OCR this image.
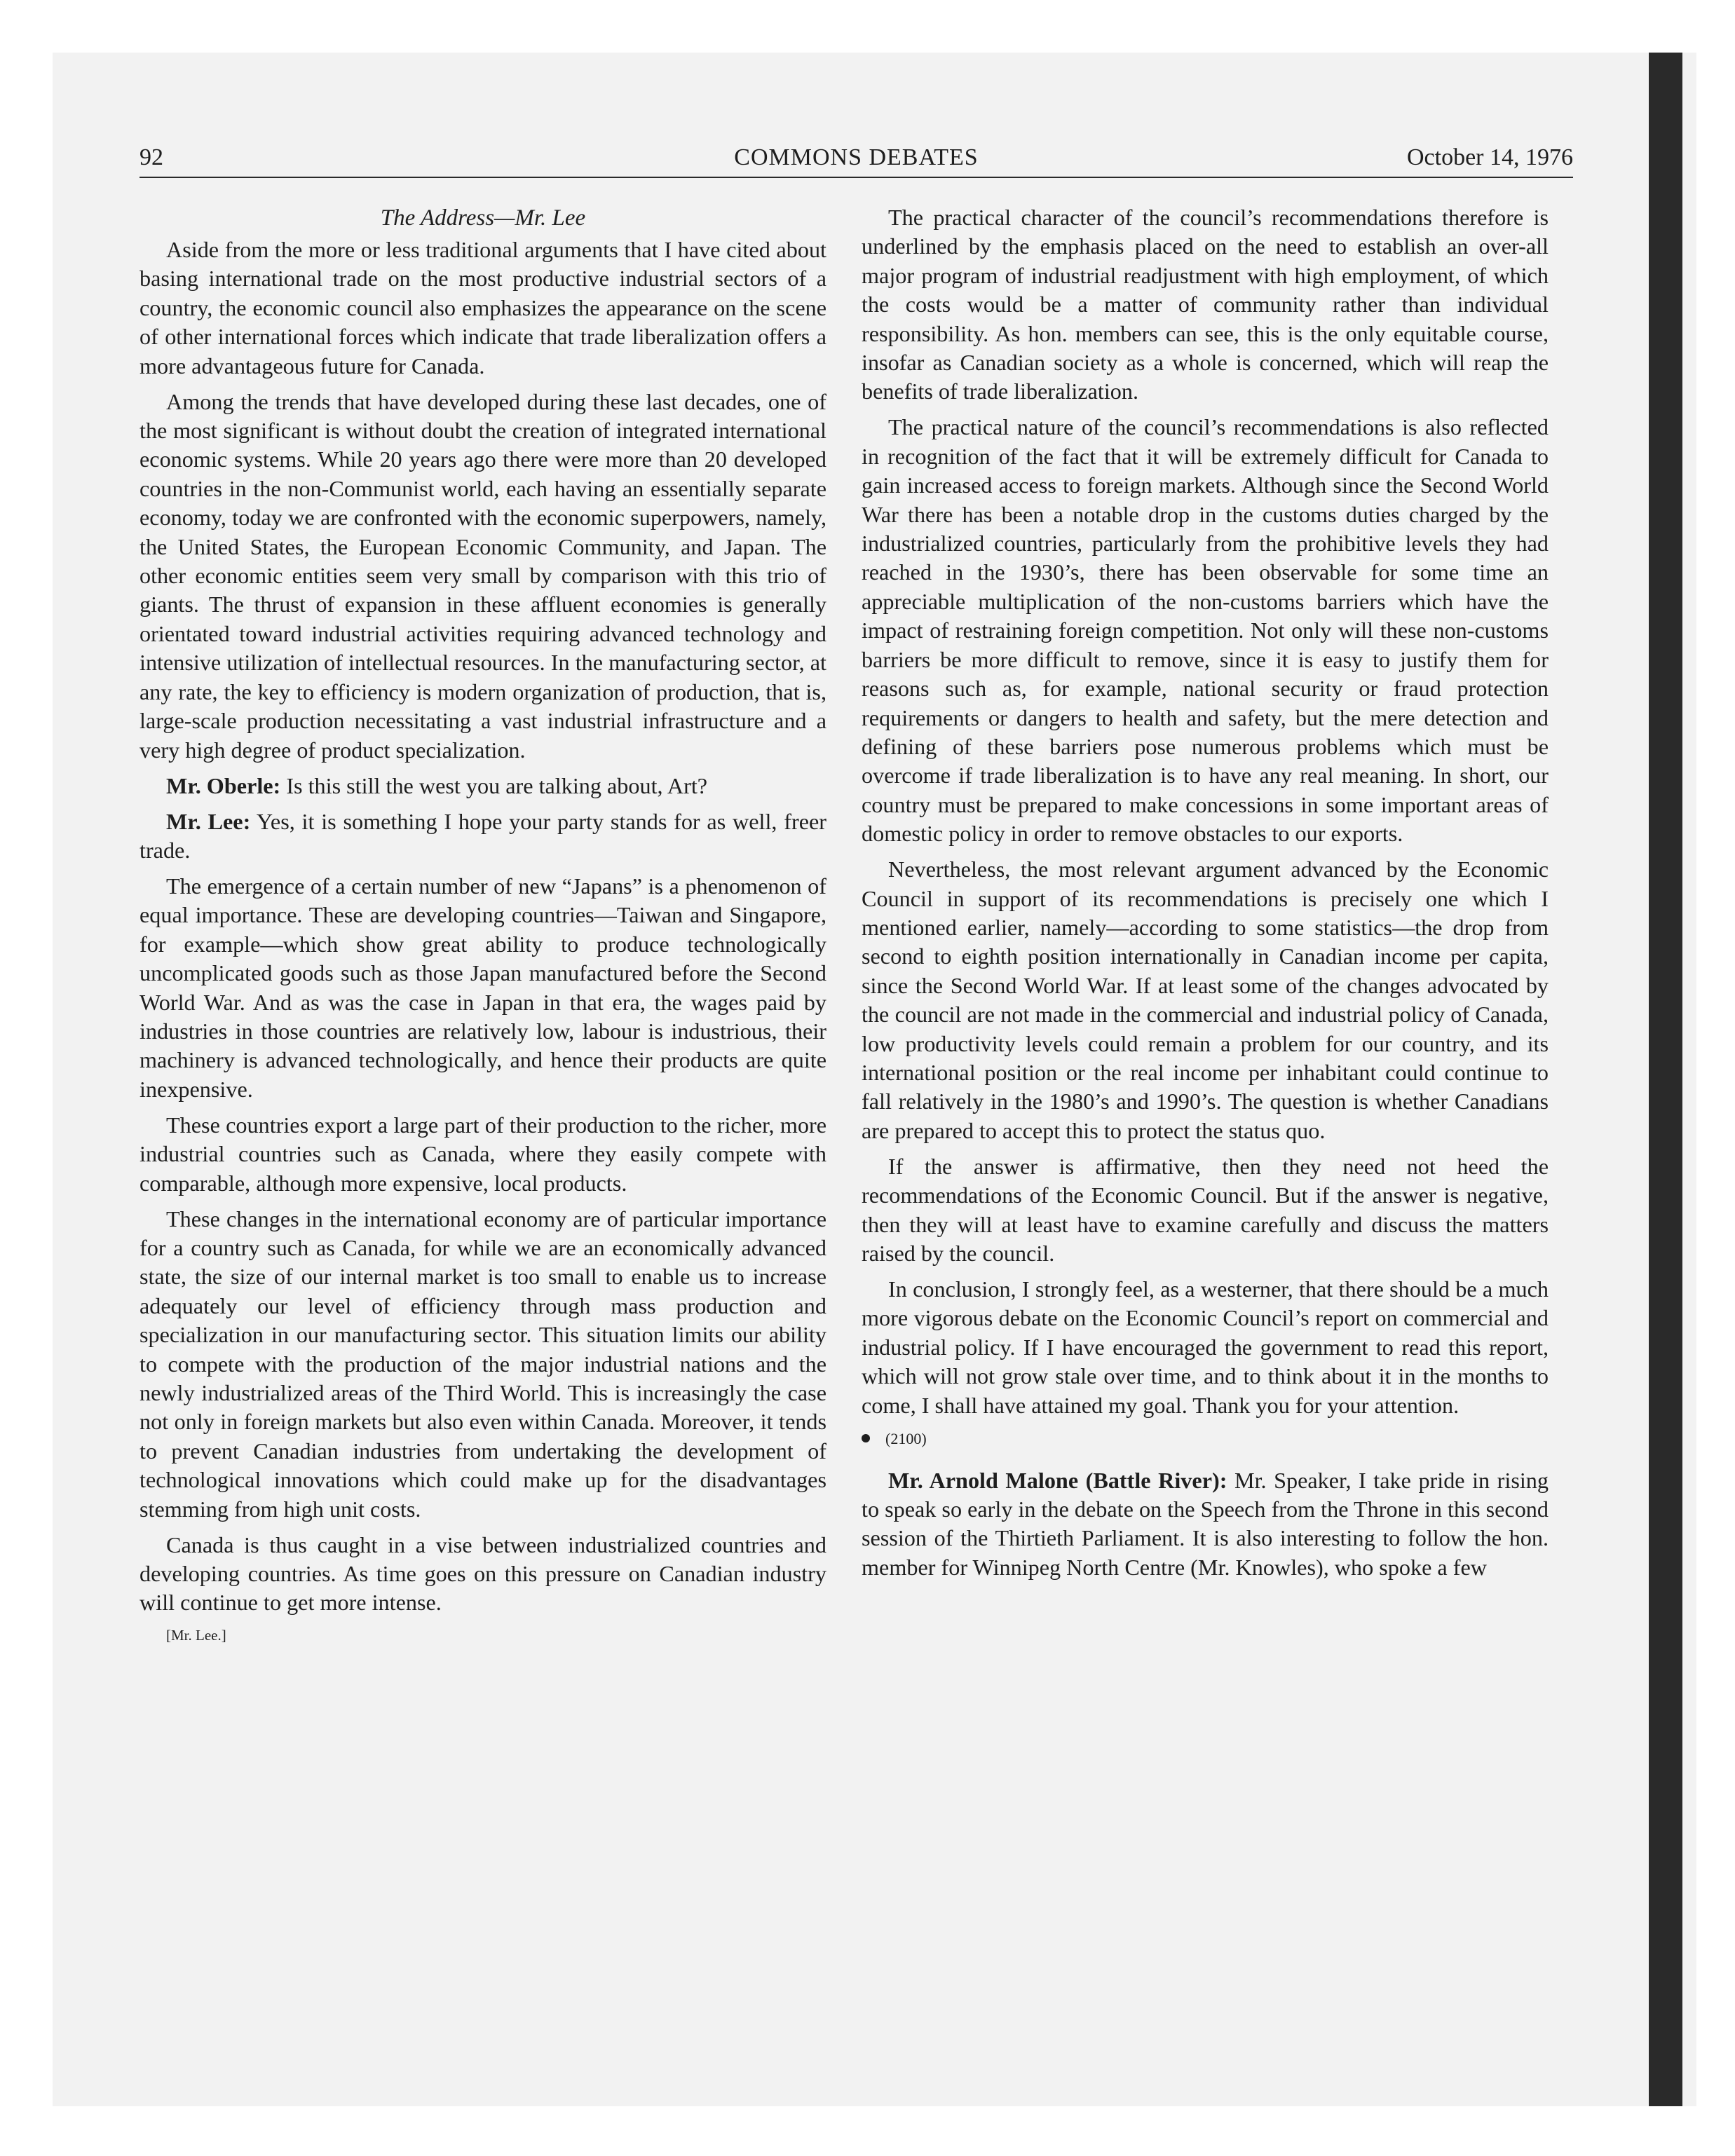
92	COMMONS DEBATES	October 14, 1976
The Address—Mr. Lee

Aside from the more or less traditional arguments that I have cited about basing international trade on the most productive industrial sectors of a country, the economic council also emphasizes the appearance on the scene of other international forces which indicate that trade liberalization offers a more advantageous future for Canada.

Among the trends that have developed during these last decades, one of the most significant is without doubt the creation of integrated international economic systems. While 20 years ago there were more than 20 developed countries in the non-Communist world, each having an essentially separate economy, today we are confronted with the economic superpowers, namely, the United States, the European Economic Community, and Japan. The other economic entities seem very small by comparison with this trio of giants. The thrust of expansion in these affluent economies is generally orientated toward industrial activities requiring advanced technology and intensive utilization of intellectual resources. In the manufacturing sector, at any rate, the key to efficiency is modern organization of production, that is, large-scale production necessitating a vast industrial infrastructure and a very high degree of product specialization.

Mr. Oberle: Is this still the west you are talking about, Art?

Mr. Lee: Yes, it is something I hope your party stands for as well, freer trade.

The emergence of a certain number of new “Japans” is a phenomenon of equal importance. These are developing countries—Taiwan and Singapore, for example—which show great ability to produce technologically uncomplicated goods such as those Japan manufactured before the Second World War. And as was the case in Japan in that era, the wages paid by industries in those countries are relatively low, labour is industrious, their machinery is advanced technologically, and hence their products are quite inexpensive.

These countries export a large part of their production to the richer, more industrial countries such as Canada, where they easily compete with comparable, although more expensive, local products.

These changes in the international economy are of particular importance for a country such as Canada, for while we are an economically advanced state, the size of our internal market is too small to enable us to increase adequately our level of efficiency through mass production and specialization in our manufacturing sector. This situation limits our ability to compete with the production of the major industrial nations and the newly industrialized areas of the Third World. This is increasingly the case not only in foreign markets but also even within Canada. Moreover, it tends to prevent Canadian industries from undertaking the development of technological innovations which could make up for the disadvantages stemming from high unit costs.

Canada is thus caught in a vise between industrialized countries and developing countries. As time goes on this pressure on Canadian industry will continue to get more intense.

[Mr. Lee.]

The practical character of the council’s recommendations therefore is underlined by the emphasis placed on the need to establish an over-all major program of industrial readjustment with high employment, of which the costs would be a matter of community rather than individual responsibility. As hon. members can see, this is the only equitable course, insofar as Canadian society as a whole is concerned, which will reap the benefits of trade liberalization.

The practical nature of the council’s recommendations is also reflected in recognition of the fact that it will be extremely difficult for Canada to gain increased access to foreign markets. Although since the Second World War there has been a notable drop in the customs duties charged by the industrialized countries, particularly from the prohibitive levels they had reached in the 1930’s, there has been observable for some time an appreciable multiplication of the non-customs barriers which have the impact of restraining foreign competition. Not only will these non-customs barriers be more difficult to remove, since it is easy to justify them for reasons such as, for example, national security or fraud protection requirements or dangers to health and safety, but the mere detection and defining of these barriers pose numerous problems which must be overcome if trade liberalization is to have any real meaning. In short, our country must be prepared to make concessions in some important areas of domestic policy in order to remove obstacles to our exports.

Nevertheless, the most relevant argument advanced by the Economic Council in support of its recommendations is precisely one which I mentioned earlier, namely—according to some statistics—the drop from second to eighth position internationally in Canadian income per capita, since the Second World War. If at least some of the changes advocated by the council are not made in the commercial and industrial policy of Canada, low productivity levels could remain a problem for our country, and its international position or the real income per inhabitant could continue to fall relatively in the 1980’s and 1990’s. The question is whether Canadians are prepared to accept this to protect the status quo.

If the answer is affirmative, then they need not heed the recommendations of the Economic Council. But if the answer is negative, then they will at least have to examine carefully and discuss the matters raised by the council.

In conclusion, I strongly feel, as a westerner, that there should be a much more vigorous debate on the Economic Council’s report on commercial and industrial policy. If I have encouraged the government to read this report, which will not grow stale over time, and to think about it in the months to come, I shall have attained my goal. Thank you for your attention.

(2100)

Mr. Arnold Malone (Battle River): Mr. Speaker, I take pride in rising to speak so early in the debate on the Speech from the Throne in this second session of the Thirtieth Parliament. It is also interesting to follow the hon. member for Winnipeg North Centre (Mr. Knowles), who spoke a few
